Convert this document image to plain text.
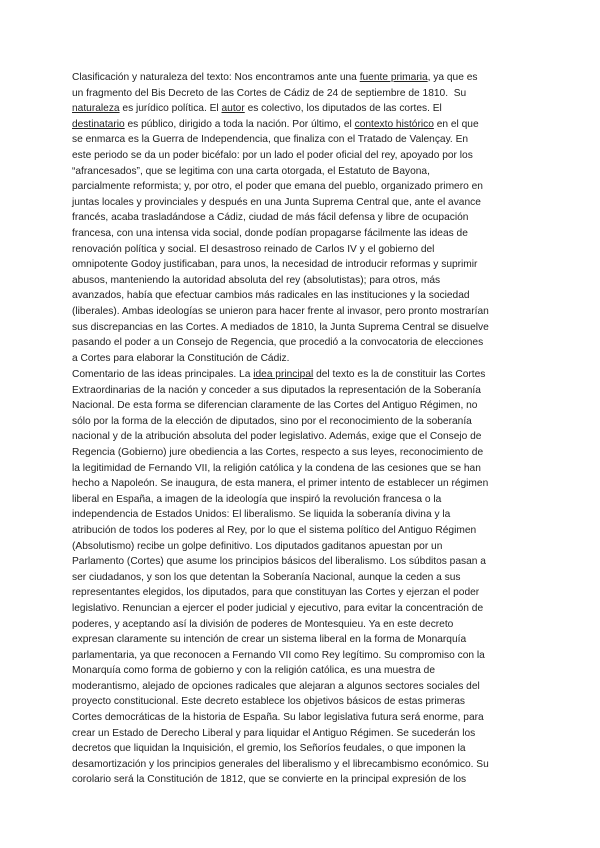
Clasificación y naturaleza del texto: Nos encontramos ante una fuente primaria, ya que es
un fragmento del Bis Decreto de las Cortes de Cádiz de 24 de septiembre de 1810.  Su
naturaleza es jurídico política. El autor es colectivo, los diputados de las cortes. El
destinatario es público, dirigido a toda la nación. Por último, el contexto histórico en el que
se enmarca es la Guerra de Independencia, que finaliza con el Tratado de Valençay. En
este periodo se da un poder bicéfalo: por un lado el poder oficial del rey, apoyado por los
“afrancesados”, que se legitima con una carta otorgada, el Estatuto de Bayona,
parcialmente reformista; y, por otro, el poder que emana del pueblo, organizado primero en
juntas locales y provinciales y después en una Junta Suprema Central que, ante el avance
francés, acaba trasladándose a Cádiz, ciudad de más fácil defensa y libre de ocupación
francesa, con una intensa vida social, donde podían propagarse fácilmente las ideas de
renovación política y social. El desastroso reinado de Carlos IV y el gobierno del
omnipotente Godoy justificaban, para unos, la necesidad de introducir reformas y suprimir
abusos, manteniendo la autoridad absoluta del rey (absolutistas); para otros, más
avanzados, había que efectuar cambios más radicales en las instituciones y la sociedad
(liberales). Ambas ideologías se unieron para hacer frente al invasor, pero pronto mostrarían
sus discrepancias en las Cortes. A mediados de 1810, la Junta Suprema Central se disuelve
pasando el poder a un Consejo de Regencia, que procedió a la convocatoria de elecciones
a Cortes para elaborar la Constitución de Cádiz.
Comentario de las ideas principales. La idea principal del texto es la de constituir las Cortes
Extraordinarias de la nación y conceder a sus diputados la representación de la Soberanía
Nacional. De esta forma se diferencian claramente de las Cortes del Antiguo Régimen, no
sólo por la forma de la elección de diputados, sino por el reconocimiento de la soberanía
nacional y de la atribución absoluta del poder legislativo. Además, exige que el Consejo de
Regencia (Gobierno) jure obediencia a las Cortes, respecto a sus leyes, reconocimiento de
la legitimidad de Fernando VII, la religión católica y la condena de las cesiones que se han
hecho a Napoleón. Se inaugura, de esta manera, el primer intento de establecer un régimen
liberal en España, a imagen de la ideología que inspiró la revolución francesa o la
independencia de Estados Unidos: El liberalismo. Se liquida la soberanía divina y la
atribución de todos los poderes al Rey, por lo que el sistema político del Antiguo Régimen
(Absolutismo) recibe un golpe definitivo. Los diputados gaditanos apuestan por un
Parlamento (Cortes) que asume los principios básicos del liberalismo. Los súbditos pasan a
ser ciudadanos, y son los que detentan la Soberanía Nacional, aunque la ceden a sus
representantes elegidos, los diputados, para que constituyan las Cortes y ejerzan el poder
legislativo. Renuncian a ejercer el poder judicial y ejecutivo, para evitar la concentración de
poderes, y aceptando así la división de poderes de Montesquieu. Ya en este decreto
expresan claramente su intención de crear un sistema liberal en la forma de Monarquía
parlamentaria, ya que reconocen a Fernando VII como Rey legítimo. Su compromiso con la
Monarquía como forma de gobierno y con la religión católica, es una muestra de
moderantismo, alejado de opciones radicales que alejaran a algunos sectores sociales del
proyecto constitucional. Este decreto establece los objetivos básicos de estas primeras
Cortes democráticas de la historia de España. Su labor legislativa futura será enorme, para
crear un Estado de Derecho Liberal y para liquidar el Antiguo Régimen. Se sucederán los
decretos que liquidan la Inquisición, el gremio, los Señoríos feudales, o que imponen la
desamortización y los principios generales del liberalismo y el librecambismo económico. Su
corolario será la Constitución de 1812, que se convierte en la principal expresión de los
